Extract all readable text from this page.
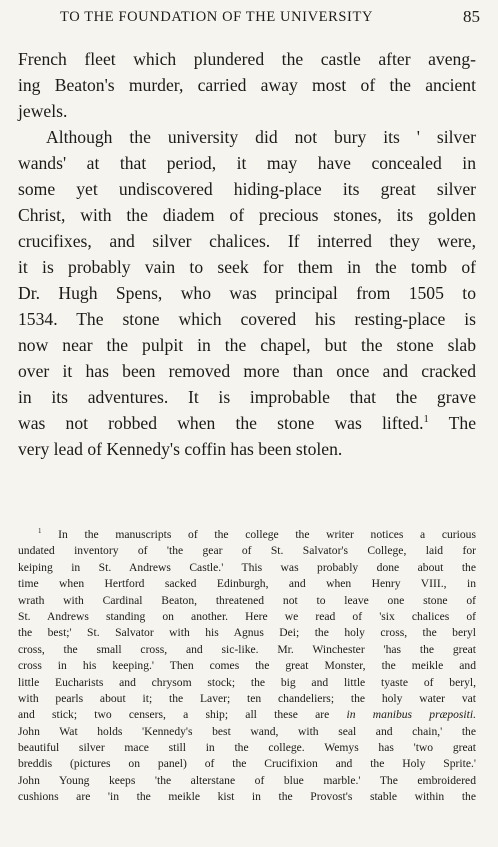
TO THE FOUNDATION OF THE UNIVERSITY	85

French fleet which plundered the castle after aveng-
ing Beaton's murder, carried away most of the ancient
jewels.

Although the university did not bury its ' silver
wands' at that period, it may have concealed in
some yet undiscovered hiding-place its great silver
Christ, with the diadem of precious stones, its golden
crucifixes, and silver chalices. If interred they were,
it is probably vain to seek for them in the tomb of
Dr. Hugh Spens, who was principal from 1505 to
1534. The stone which covered his resting-place is
now near the pulpit in the chapel, but the stone slab
over it has been removed more than once and cracked
in its adventures. It is improbable that the grave
was not robbed when the stone was lifted.$^1$ The
very lead of Kennedy's coffin has been stolen.

$^1$ In the manuscripts of the college the writer notices a curious
undated inventory of 'the gear of St. Salvator's College, laid for
keiping in St. Andrews Castle.' This was probably done about the
time when Hertford sacked Edinburgh, and when Henry VIII., in
wrath with Cardinal Beaton, threatened not to leave one stone of
St. Andrews standing on another. Here we read of 'six chalices of
the best;' St. Salvator with his Agnus Dei; the holy cross, the beryl
cross, the small cross, and sic-like. Mr. Winchester 'has the great
cross in his keeping.' Then comes the great Monster, the meikle and
little Eucharists and chrysom stock; the big and little tyaste of beryl,
with pearls about it; the Laver; ten chandeliers; the holy water vat
and stick; two censers, a ship; all these are in manibus præpositi.
John Wat holds 'Kennedy's best wand, with seal and chain,' the
beautiful silver mace still in the college. Wemys has 'two great
breddis (pictures on panel) of the Crucifixion and the Holy Sprite.'
John Young keeps 'the alterstane of blue marble.' The embroidered
cushions are 'in the meikle kist in the Provost's stable within the
